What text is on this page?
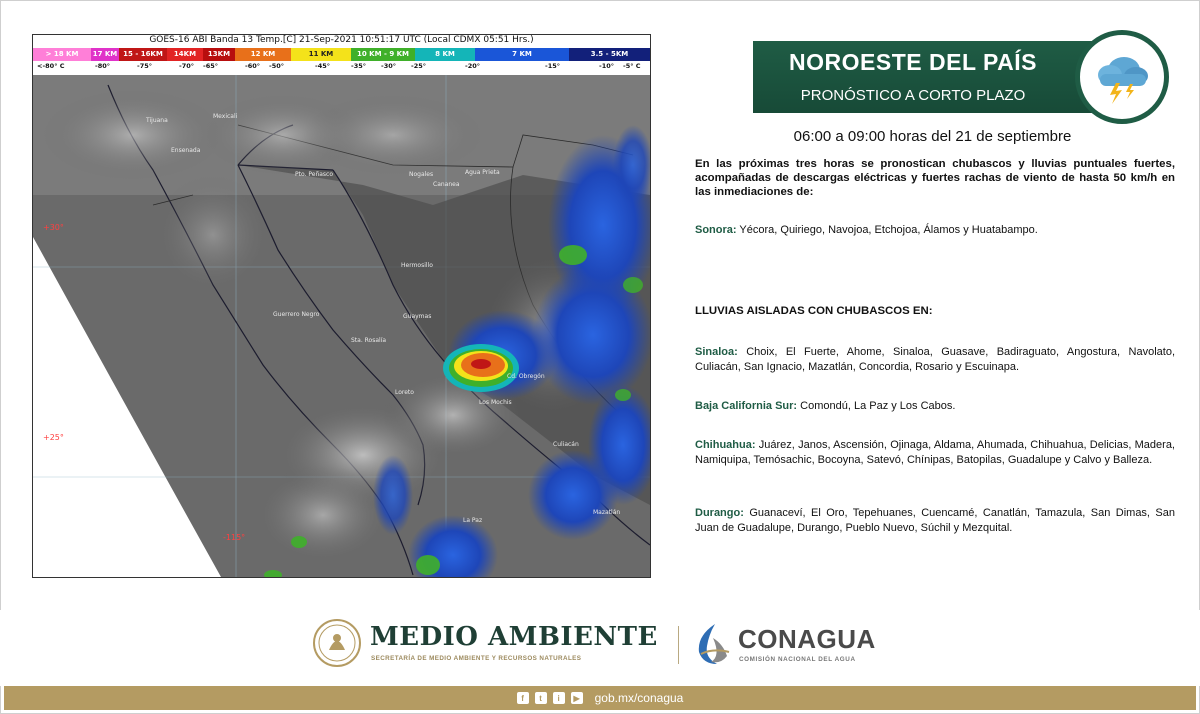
GOES-16 ABI Banda 13 Temp.[C] 21-Sep-2021 10:51:17 UTC (Local CDMX 05:51 Hrs.)
> 18 KM	17 KM 15 - 16KM	14KM	13KM	12 KM	11 KM	10 KM - 9 KM	8 KM	7 KM	3.5 - 5KM
<-80° C	-80°	-75°	-70° -65°	-60° -50°	-45°	-35° -30° -25°	-20°	-15°	-10° -5° C
Tijuana
Mexicali
Ensenada
Pto. Peñasco	Nogales	Agua Prieta
Cananea
Hermosillo
Guaymas
Guerrero Negro
Sta. Rosalía
Loreto
Los Mochis
Culiacán
Mazatlán
La Paz
Cd. Obregón
+30°
+25°
-115°
NOROESTE DEL PAÍS
PRONÓSTICO A CORTO PLAZO
06:00 a 09:00 horas del 21 de septiembre
En las próximas tres horas se pronostican chubascos y lluvias puntuales fuertes, acompañadas de descargas eléctricas y fuertes rachas de viento de hasta 50 km/h en las inmediaciones de:
Sonora: Yécora, Quiriego, Navojoa, Etchojoa, Álamos y Huatabampo.
LLUVIAS AISLADAS CON CHUBASCOS EN:
Sinaloa: Choix, El Fuerte, Ahome, Sinaloa, Guasave, Badiraguato, Angostura, Navolato, Culiacán, San Ignacio, Mazatlán, Concordia, Rosario y Escuinapa.
Baja California Sur: Comondú, La Paz y Los Cabos.
Chihuahua: Juárez, Janos, Ascensión, Ojinaga, Aldama, Ahumada, Chihuahua, Delicias, Madera, Namiquipa, Temósachic, Bocoyna, Satevó, Chínipas, Batopilas, Guadalupe y Calvo y Balleza.
Durango: Guanaceví, El Oro, Tepehuanes, Cuencamé, Canatlán, Tamazula, San Dimas, San Juan de Guadalupe, Durango, Pueblo Nuevo, Súchil y Mezquital.
MEDIO AMBIENTE
SECRETARÍA DE MEDIO AMBIENTE Y RECURSOS NATURALES
CONAGUA
COMISIÓN NACIONAL DEL AGUA
f	t	i	▶ gob.mx/conagua
